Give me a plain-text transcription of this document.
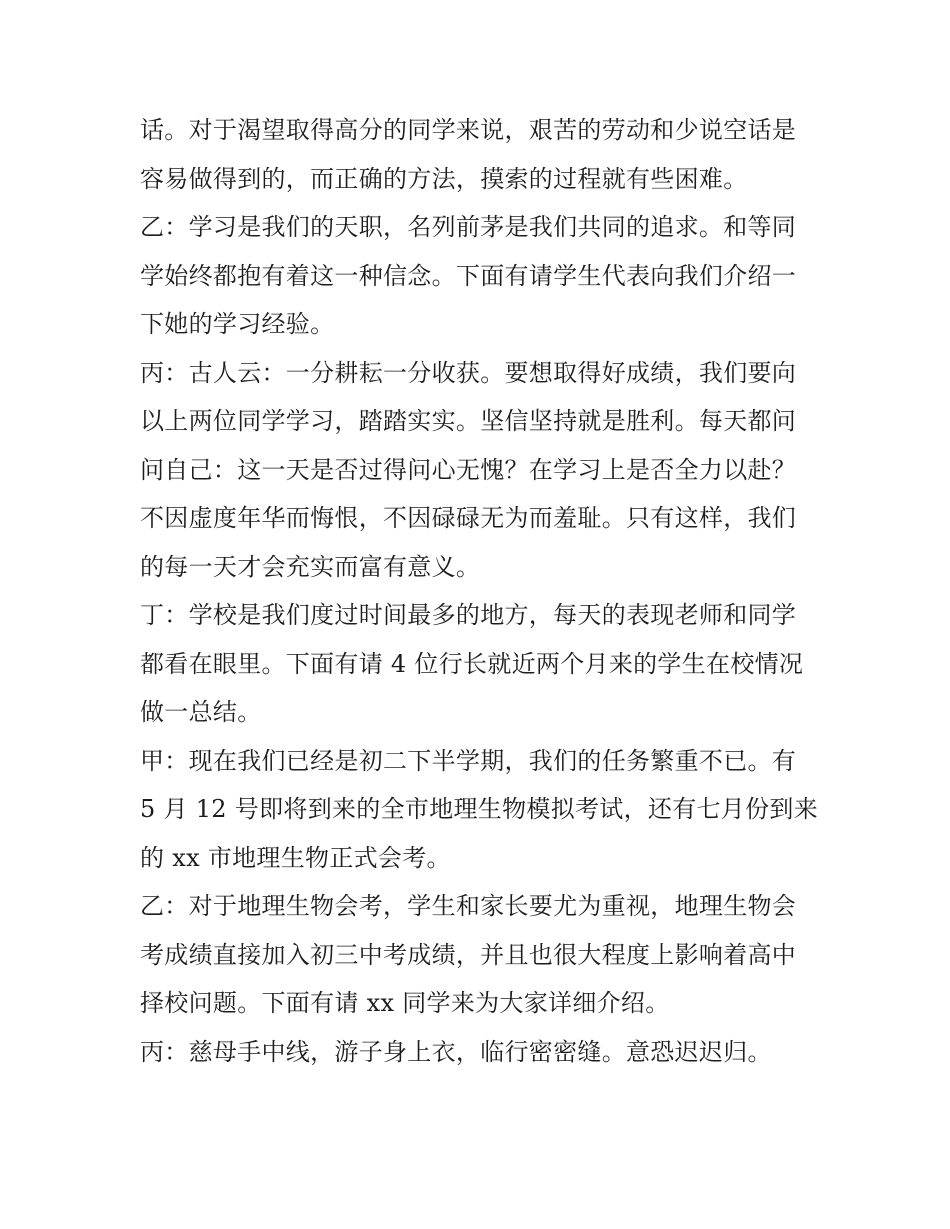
话。对于渴望取得高分的同学来说，艰苦的劳动和少说空话是
容易做得到的，而正确的方法，摸索的过程就有些困难。
乙：学习是我们的天职，名列前茅是我们共同的追求。和等同
学始终都抱有着这一种信念。下面有请学生代表向我们介绍一
下她的学习经验。
丙：古人云：一分耕耘一分收获。要想取得好成绩，我们要向
以上两位同学学习，踏踏实实。坚信坚持就是胜利。每天都问
问自己：这一天是否过得问心无愧？在学习上是否全力以赴？
不因虚度年华而悔恨，不因碌碌无为而羞耻。只有这样，我们
的每一天才会充实而富有意义。
丁：学校是我们度过时间最多的地方，每天的表现老师和同学
都看在眼里。下面有请 4 位行长就近两个月来的学生在校情况
做一总结。
甲：现在我们已经是初二下半学期，我们的任务繁重不已。有
5 月 12 号即将到来的全市地理生物模拟考试，还有七月份到来
的 xx 市地理生物正式会考。
乙：对于地理生物会考，学生和家长要尤为重视，地理生物会
考成绩直接加入初三中考成绩，并且也很大程度上影响着高中
择校问题。下面有请 xx 同学来为大家详细介绍。
丙：慈母手中线，游子身上衣，临行密密缝。意恐迟迟归。
